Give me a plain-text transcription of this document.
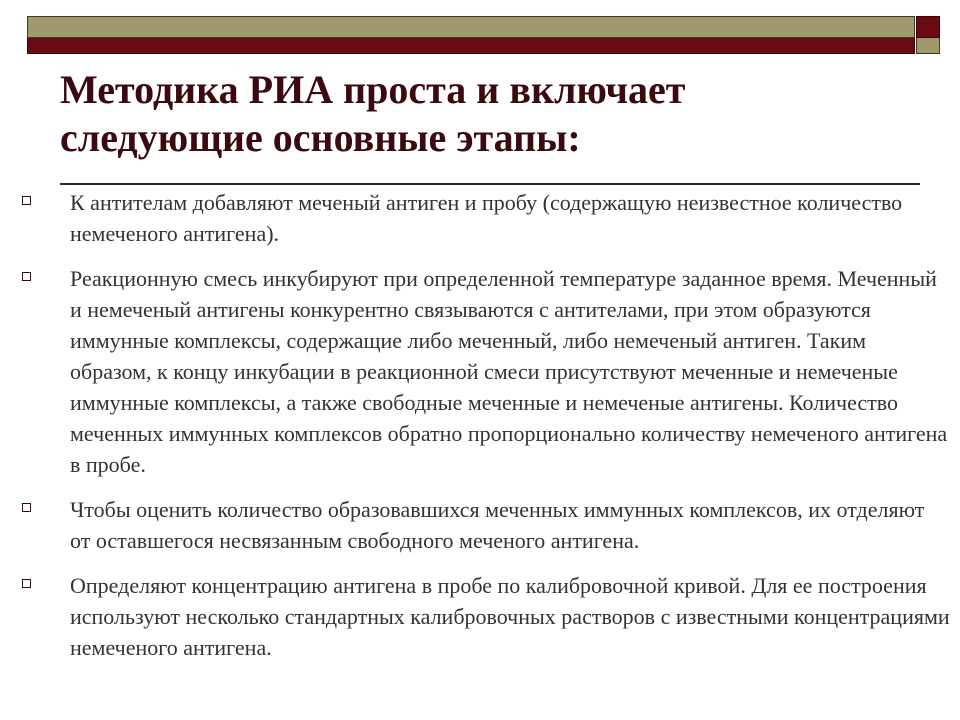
Методика РИА проста и включает
следующие основные этапы:
К антителам добавляют меченый антиген и пробу (содержащую неизвестное количество немеченого антигена).
Реакционную смесь инкубируют при определенной температуре заданное время. Меченный и немеченый антигены конкурентно связываются с антителами, при этом образуются иммунные комплексы, содержащие либо меченный, либо немеченый антиген. Таким образом, к концу инкубации в реакционной смеси присутствуют меченные и немеченые иммунные комплексы, а также свободные меченные и немеченые антигены. Количество меченных иммунных комплексов обратно пропорционально количеству немеченого антигена в пробе.
Чтобы оценить количество образовавшихся меченных иммунных комплексов, их отделяют от оставшегося несвязанным свободного меченого антигена.
Определяют концентрацию антигена в пробе по калибровочной кривой. Для ее построения используют несколько стандартных калибровочных растворов с известными концентрациями немеченого антигена.
